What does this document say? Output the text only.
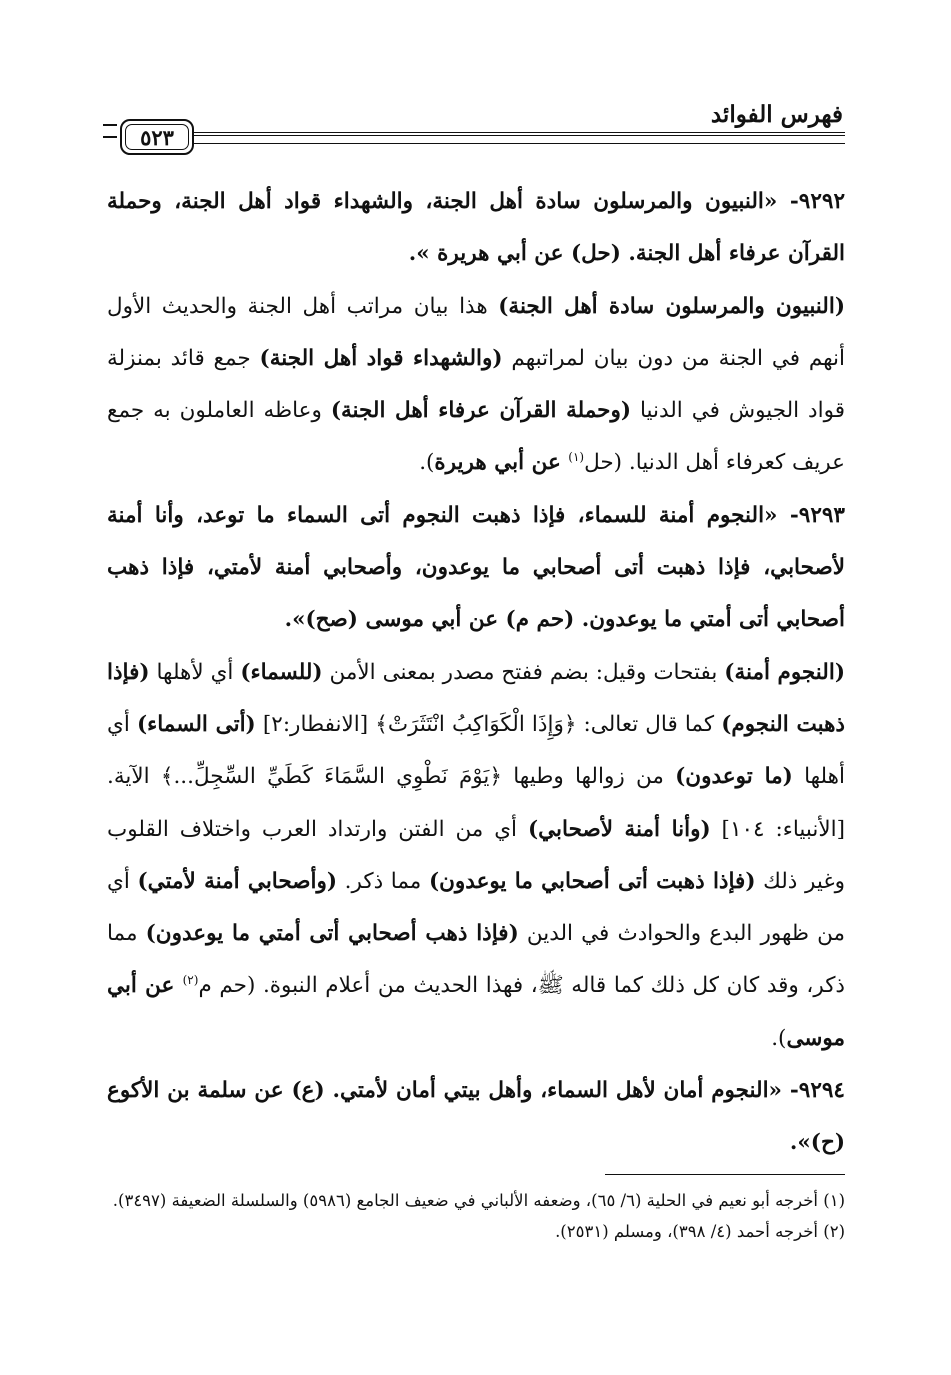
فهرس الفوائد
٥٢٣

٩٢٩٢- «النبيون والمرسلون سادة أهل الجنة، والشهداء قواد أهل الجنة، وحملة القرآن عرفاء أهل الجنة. (حل) عن أبي هريرة ».

(النبيون والمرسلون سادة أهل الجنة) هذا بيان مراتب أهل الجنة والحديث الأول أنهم في الجنة من دون بيان لمراتبهم (والشهداء قواد أهل الجنة) جمع قائد بمنزلة قواد الجيوش في الدنيا (وحملة القرآن عرفاء أهل الجنة) وعاظه العاملون به جمع عريف كعرفاء أهل الدنيا. (حل$^{(١)}$ عن أبي هريرة).

٩٢٩٣- «النجوم أمنة للسماء، فإذا ذهبت النجوم أتى السماء ما توعد، وأنا أمنة لأصحابي، فإذا ذهبت أتى أصحابي ما يوعدون، وأصحابي أمنة لأمتي، فإذا ذهب أصحابي أتى أمتي ما يوعدون. (حم م) عن أبي موسى (صح)».

(النجوم أمنة) بفتحات وقيل: بضم ففتح مصدر بمعنى الأمن (للسماء) أي لأهلها (فإذا ذهبت النجوم) كما قال تعالى: ﴿وَإِذَا الْكَوَاكِبُ انْتَثَرَتْ﴾ [الانفطار:٢] (أتى السماء) أي أهلها (ما توعدون) من زوالها وطيها ﴿يَوْمَ نَطْوِي السَّمَاءَ كَطَيِّ السِّجِلِّ...﴾ الآية. [الأنبياء: ١٠٤] (وأنا أمنة لأصحابي) أي من الفتن وارتداد العرب واختلاف القلوب وغير ذلك (فإذا ذهبت أتى أصحابي ما يوعدون) مما ذكر. (وأصحابي أمنة لأمتي) أي من ظهور البدع والحوادث في الدين (فإذا ذهب أصحابي أتى أمتي ما يوعدون) مما ذكر، وقد كان كل ذلك كما قاله ﷺ، فهذا الحديث من أعلام النبوة. (حم م$^{(٢)}$ عن أبي موسى).

٩٢٩٤- «النجوم أمان لأهل السماء، وأهل بيتي أمان لأمتي. (ع) عن سلمة بن الأكوع (ح)».

(١) أخرجه أبو نعيم في الحلية (٦/ ٦٥)، وضعفه الألباني في ضعيف الجامع (٥٩٨٦) والسلسلة الضعيفة (٣٤٩٧).

(٢) أخرجه أحمد (٤/ ٣٩٨)، ومسلم (٢٥٣١).
